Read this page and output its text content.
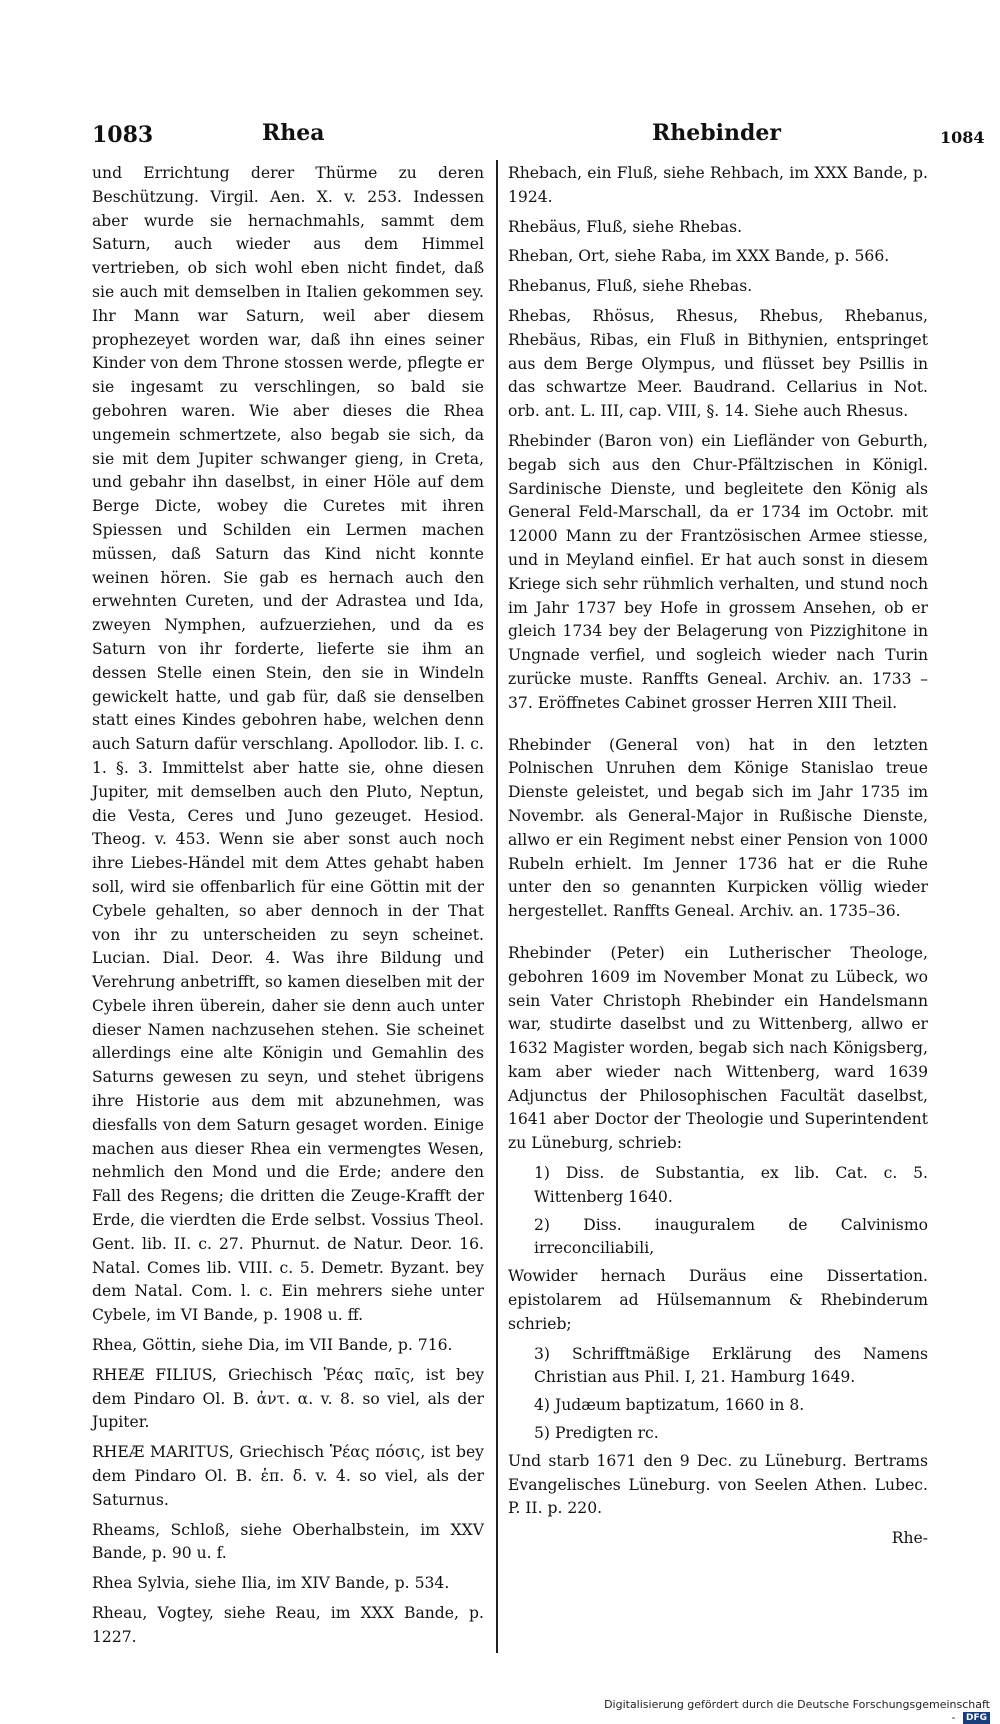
1083	Rhea	Rhebinder	1084

und Errichtung derer Thürme zu deren Beschützung. Virgil. Aen. X. v. 253. Indessen aber wurde sie hernachmahls, sammt dem Saturn, auch wieder aus dem Himmel vertrieben, ob sich wohl eben nicht findet, daß sie auch mit demselben in Italien gekommen sey. Ihr Mann war Saturn, weil aber diesem prophezeyet worden war, daß ihn eines seiner Kinder von dem Throne stossen werde, pflegte er sie ingesamt zu verschlingen, so bald sie gebohren waren. Wie aber dieses die Rhea ungemein schmertzete, also begab sie sich, da sie mit dem Jupiter schwanger gieng, in Creta, und gebahr ihn daselbst, in einer Höle auf dem Berge Dicte, wobey die Curetes mit ihren Spiessen und Schilden ein Lermen machen müssen, daß Saturn das Kind nicht konnte weinen hören. Sie gab es hernach auch den erwehnten Cureten, und der Adrastea und Ida, zweyen Nymphen, aufzuerziehen, und da es Saturn von ihr forderte, lieferte sie ihm an dessen Stelle einen Stein, den sie in Windeln gewickelt hatte, und gab für, daß sie denselben statt eines Kindes gebohren habe, welchen denn auch Saturn dafür verschlang. Apollodor. lib. I. c. 1. §. 3. Immittelst aber hatte sie, ohne diesen Jupiter, mit demselben auch den Pluto, Neptun, die Vesta, Ceres und Juno gezeuget. Hesiod. Theog. v. 453. Wenn sie aber sonst auch noch ihre Liebes-Händel mit dem Attes gehabt haben soll, wird sie offenbarlich für eine Göttin mit der Cybele gehalten, so aber dennoch in der That von ihr zu unterscheiden zu seyn scheinet. Lucian. Dial. Deor. 4. Was ihre Bildung und Verehrung anbetrifft, so kamen dieselben mit der Cybele ihren überein, daher sie denn auch unter dieser Namen nachzusehen stehen. Sie scheinet allerdings eine alte Königin und Gemahlin des Saturns gewesen zu seyn, und stehet übrigens ihre Historie aus dem mit abzunehmen, was diesfalls von dem Saturn gesaget worden. Einige machen aus dieser Rhea ein vermengtes Wesen, nehmlich den Mond und die Erde; andere den Fall des Regens; die dritten die Zeuge-Krafft der Erde, die vierdten die Erde selbst. Vossius Theol. Gent. lib. II. c. 27. Phurnut. de Natur. Deor. 16. Natal. Comes lib. VIII. c. 5. Demetr. Byzant. bey dem Natal. Com. l. c. Ein mehrers siehe unter Cybele, im VI Bande, p. 1908 u. ff.

Rhea, Göttin, siehe Dia, im VII Bande, p. 716.

RHEÆ FILIUS, Griechisch Ῥέας παῖς, ist bey dem Pindaro Ol. B. ἀντ. α. v. 8. so viel, als der Jupiter.

RHEÆ MARITUS, Griechisch Ῥέας πόσις, ist bey dem Pindaro Ol. B. ἐπ. δ. v. 4. so viel, als der Saturnus.

Rheams, Schloß, siehe Oberhalbstein, im XXV Bande, p. 90 u. f.

Rhea Sylvia, siehe Ilia, im XIV Bande, p. 534.

Rheau, Vogtey, siehe Reau, im XXX Bande, p. 1227.

Rhebach, ein Fluß, siehe Rehbach, im XXX Bande, p. 1924.

Rhebäus, Fluß, siehe Rhebas.

Rheban, Ort, siehe Raba, im XXX Bande, p. 566.

Rhebanus, Fluß, siehe Rhebas.

Rhebas, Rhösus, Rhesus, Rhebus, Rhebanus, Rhebäus, Ribas, ein Fluß in Bithynien, entspringet aus dem Berge Olympus, und flüsset bey Psillis in das schwartze Meer. Baudrand. Cellarius in Not. orb. ant. L. III, cap. VIII, §. 14. Siehe auch Rhesus.

Rhebinder (Baron von) ein Liefländer von Geburth, begab sich aus den Chur-Pfältzischen in Königl. Sardinische Dienste, und begleitete den König als General Feld-Marschall, da er 1734 im Octobr. mit 12000 Mann zu der Frantzösischen Armee stiesse, und in Meyland einfiel. Er hat auch sonst in diesem Kriege sich sehr rühmlich verhalten, und stund noch im Jahr 1737 bey Hofe in grossem Ansehen, ob er gleich 1734 bey der Belagerung von Pizzighitone in Ungnade verfiel, und sogleich wieder nach Turin zurücke muste. Ranffts Geneal. Archiv. an. 1733 – 37. Eröffnetes Cabinet grosser Herren XIII Theil.

Rhebinder (General von) hat in den letzten Polnischen Unruhen dem Könige Stanislao treue Dienste geleistet, und begab sich im Jahr 1735 im Novembr. als General-Major in Rußische Dienste, allwo er ein Regiment nebst einer Pension von 1000 Rubeln erhielt. Im Jenner 1736 hat er die Ruhe unter den so genannten Kurpicken völlig wieder hergestellet. Ranffts Geneal. Archiv. an. 1735–36.

Rhebinder (Peter) ein Lutherischer Theologe, gebohren 1609 im November Monat zu Lübeck, wo sein Vater Christoph Rhebinder ein Handelsmann war, studirte daselbst und zu Wittenberg, allwo er 1632 Magister worden, begab sich nach Königsberg, kam aber wieder nach Wittenberg, ward 1639 Adjunctus der Philosophischen Facultät daselbst, 1641 aber Doctor der Theologie und Superintendent zu Lüneburg, schrieb:

1) Diss. de Substantia, ex lib. Cat. c. 5. Wittenberg 1640.

2) Diss. inauguralem de Calvinismo irreconciliabili,

Wowider hernach Duräus eine Dissertation. epistolarem ad Hülsemannum & Rhebinderum schrieb;

3) Schrifftmäßige Erklärung des Namens Christian aus Phil. I, 21. Hamburg 1649.

4) Judæum baptizatum, 1660 in 8.

5) Predigten rc.

Und starb 1671 den 9 Dec. zu Lüneburg. Bertrams Evangelisches Lüneburg. von Seelen Athen. Lubec. P. II. p. 220.

Rhe-
Digitalisierung gefördert durch die Deutsche Forschungsgemeinschaft - DFG
